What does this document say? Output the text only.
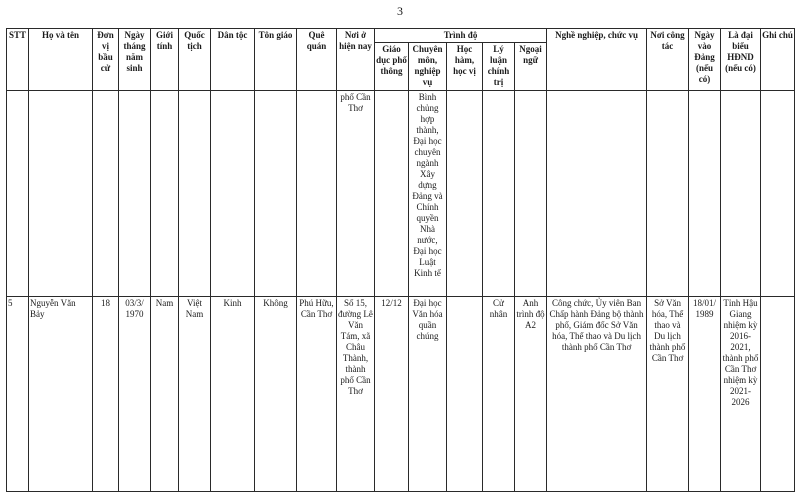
3
STT	Họ và tên	Đơn vị bầu cử	Ngày tháng năm sinh	Giới tính	Quốc tịch	Dân tộc	Tôn giáo	Quê quán	Nơi ở hiện nay	Trình độ					Nghề nghiệp, chức vụ	Nơi công tác	Ngày vào Đảng (nếu có)	Là đại biểu HĐND (nếu có)	Ghi chú
										Giáo dục phổ thông	Chuyên môn, nghiệp vụ	Học hàm, học vị	Lý luận chính trị	Ngoại ngữ					
									phố Cần Thơ		Bình chủng hợp thành, Đại học chuyên ngành Xây dựng Đảng và Chính quyền Nhà nước, Đại học Luật Kinh tế								
5	Nguyễn Văn Bảy	18	03/3/ 1970	Nam	Việt Nam	Kinh	Không	Phú Hữu, Cần Thơ	Số 15, đường Lê Văn Tám, xã Châu Thành, thành phố Cần Thơ	12/12	Đại học Văn hóa quần chúng		Cử nhân	Anh trình độ A2	Công chức, Ủy viên Ban Chấp hành Đảng bộ thành phố, Giám đốc Sở Văn hóa, Thể thao và Du lịch thành phố Cần Thơ	Sở Văn hóa, Thể thao và Du lịch thành phố Cần Thơ	18/01/ 1989	Tỉnh Hậu Giang nhiệm kỳ 2016-2021, thành phố Cần Thơ nhiệm kỳ 2021-2026	
